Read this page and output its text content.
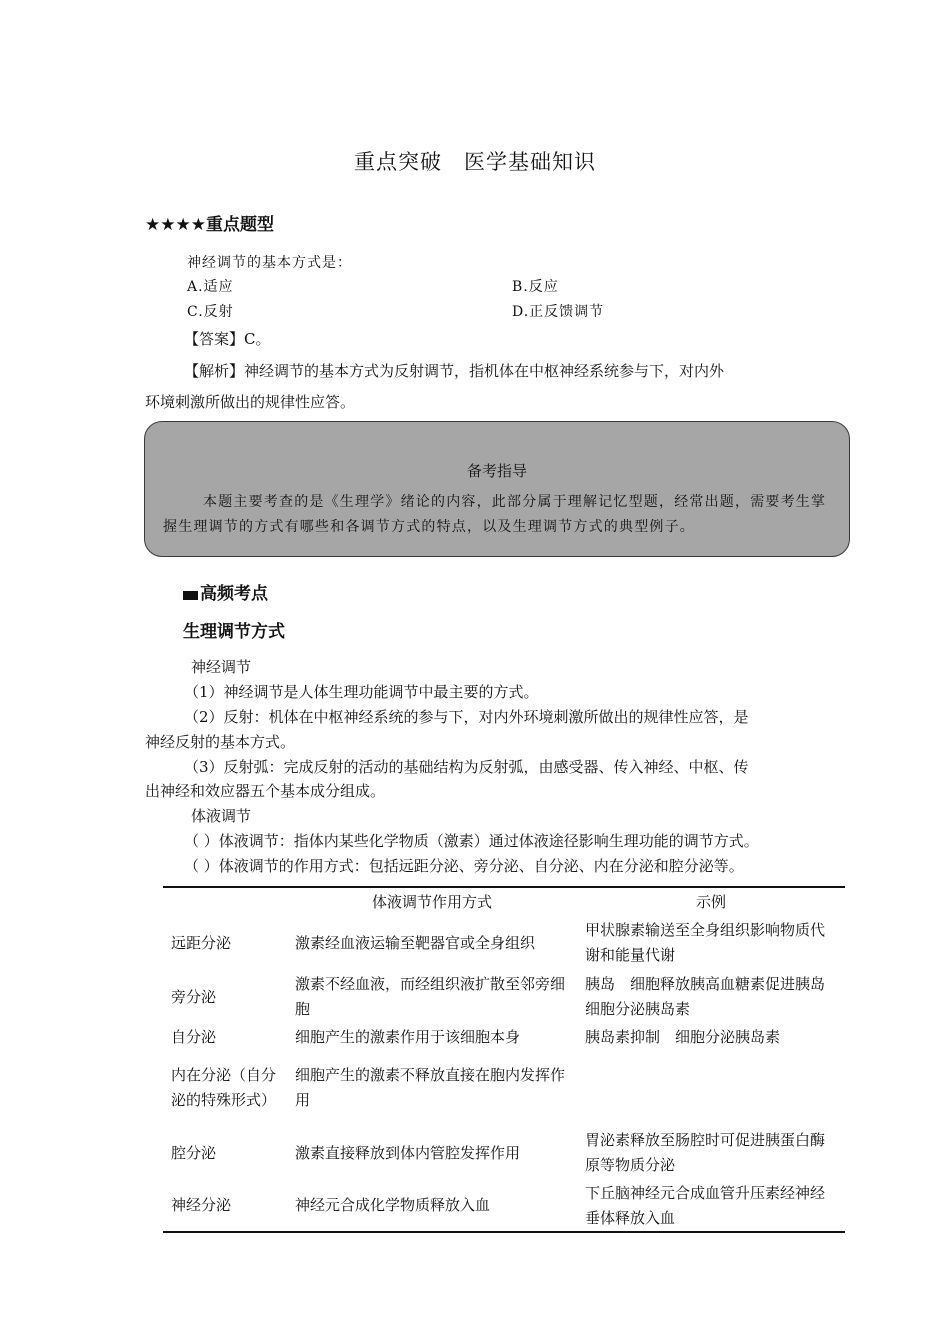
重点突破　医学基础知识
★★★★重点题型
神经调节的基本方式是：
A.适应	B.反应
C.反射	D.正反馈调节
【答案】C。
【解析】神经调节的基本方式为反射调节，指机体在中枢神经系统参与下，对内外
环境刺激所做出的规律性应答。
备考指导
本题主要考查的是《生理学》绪论的内容，此部分属于理解记忆型题，经常出题，需要考生掌握生理调节的方式有哪些和各调节方式的特点，以及生理调节方式的典型例子。
高频考点
生理调节方式
神经调节
（1）神经调节是人体生理功能调节中最主要的方式。
（2）反射：机体在中枢神经系统的参与下，对内外环境刺激所做出的规律性应答，是
神经反射的基本方式。
（3）反射弧：完成反射的活动的基础结构为反射弧，由感受器、传入神经、中枢、传
出神经和效应器五个基本成分组成。
体液调节
（ ）体液调节：指体内某些化学物质（激素）通过体液途径影响生理功能的调节方式。
（ ）体液调节的作用方式：包括远距分泌、旁分泌、自分泌、内在分泌和腔分泌等。
	体液调节作用方式	示例
远距分泌	激素经血液运输至靶器官或全身组织	甲状腺素输送至全身组织影响物质代谢和能量代谢
旁分泌	激素不经血液，而经组织液扩散至邻旁细胞	胰岛　细胞释放胰高血糖素促进胰岛　细胞分泌胰岛素
自分泌	细胞产生的激素作用于该细胞本身	胰岛素抑制　细胞分泌胰岛素
内在分泌（自分泌的特殊形式）	细胞产生的激素不释放直接在胞内发挥作用	
腔分泌	激素直接释放到体内管腔发挥作用	胃泌素释放至肠腔时可促进胰蛋白酶原等物质分泌
神经分泌	神经元合成化学物质释放入血	下丘脑神经元合成血管升压素经神经垂体释放入血
